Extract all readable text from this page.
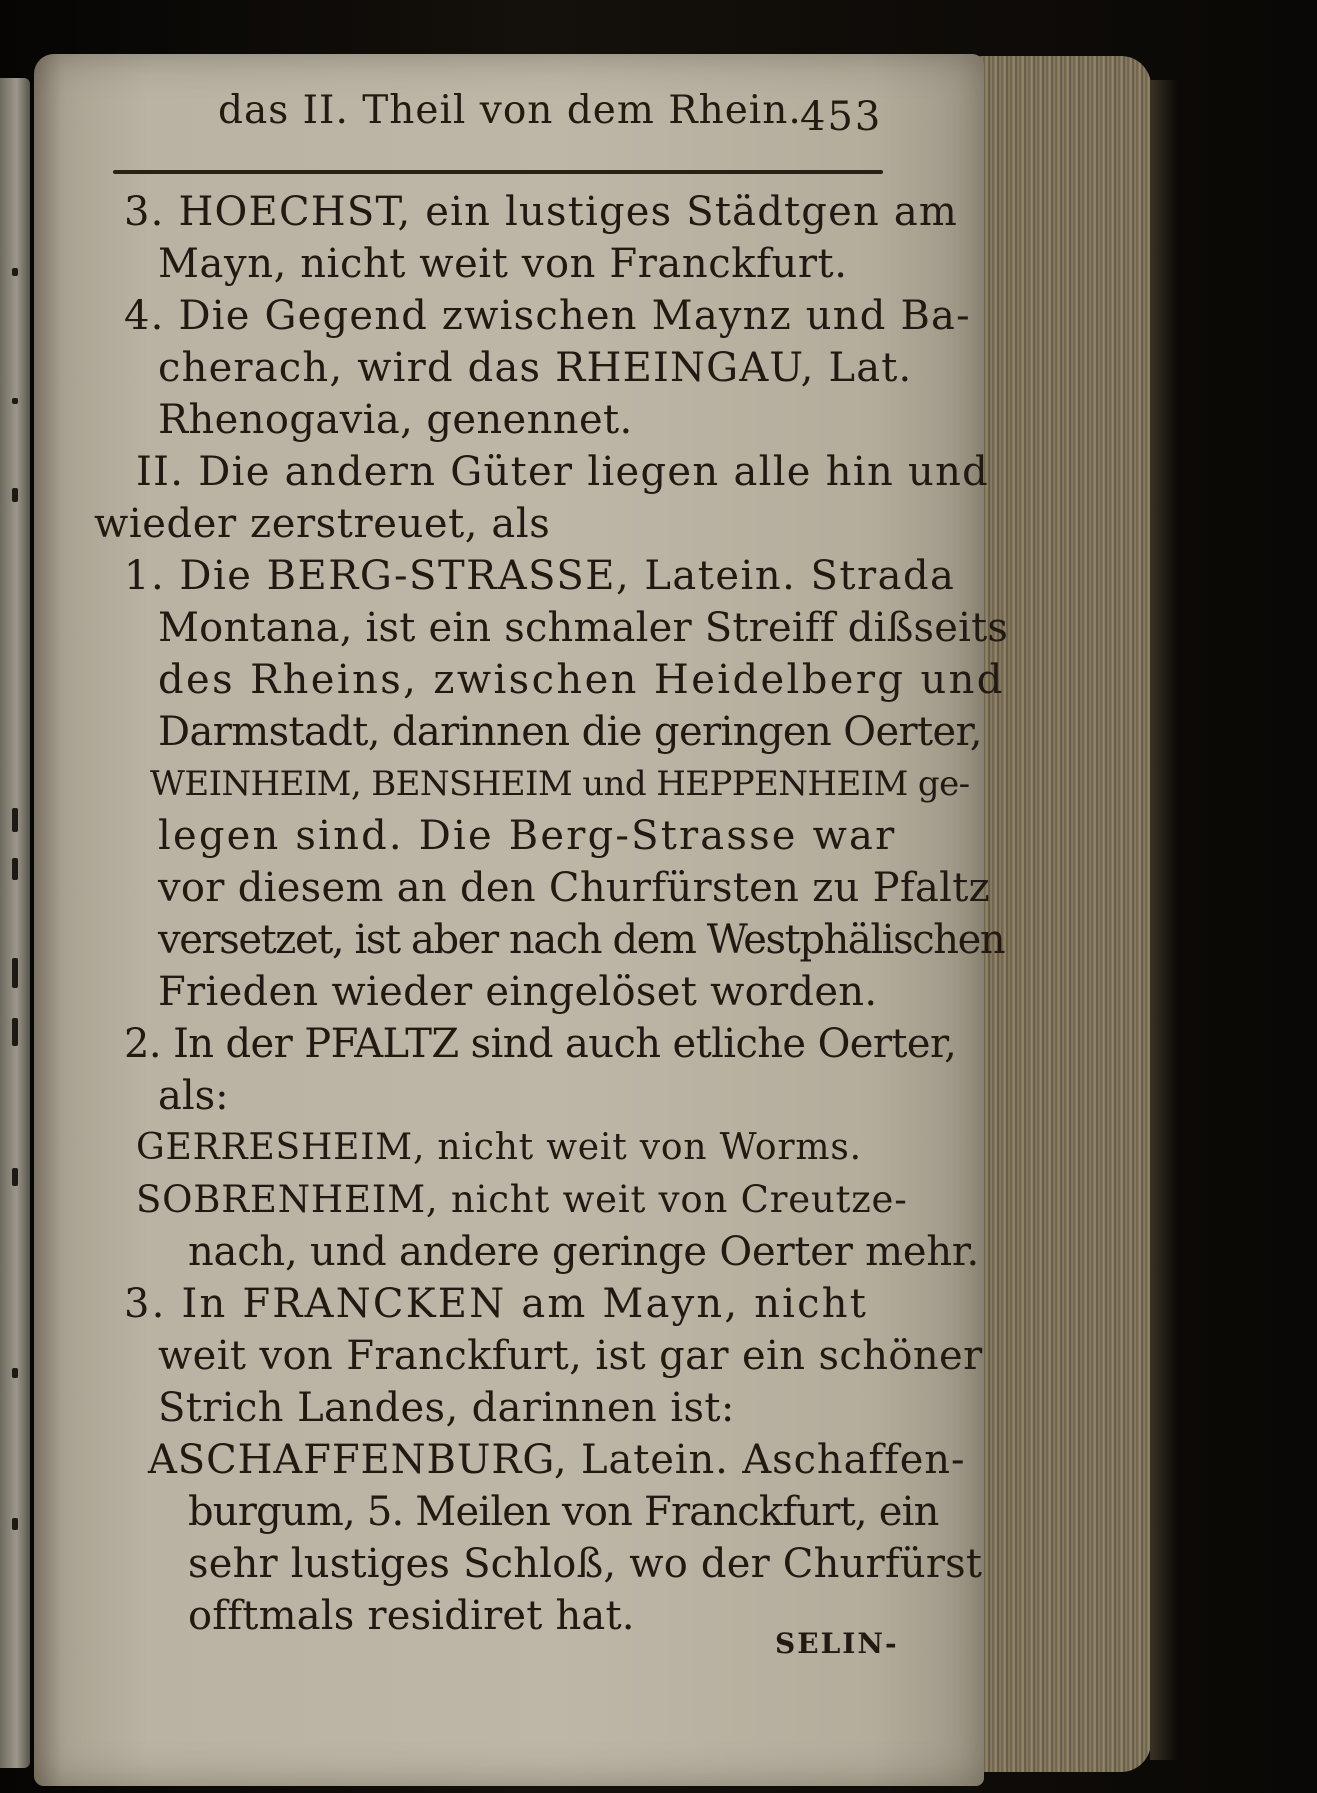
das II. Theil von dem Rhein.
453
3. HOECHST, ein lustiges Städtgen am
Mayn, nicht weit von Franckfurt.
4. Die Gegend zwischen Maynz und Ba-
cherach, wird das RHEINGAU, Lat.
Rhenogavia, genennet.
II. Die andern Güter liegen alle hin und
wieder zerstreuet, als
1. Die BERG-STRASSE, Latein. Strada
Montana, ist ein schmaler Streiff dißseits
des Rheins, zwischen Heidelberg und
Darmstadt, darinnen die geringen Oerter,
WEINHEIM, BENSHEIM und HEPPENHEIM ge-
legen sind. Die Berg-Strasse war
vor diesem an den Churfürsten zu Pfaltz
versetzet, ist aber nach dem Westphälischen
Frieden wieder eingelöset worden.
2. In der PFALTZ sind auch etliche Oerter,
als:
GERRESHEIM, nicht weit von Worms.
SOBRENHEIM, nicht weit von Creutze-
nach, und andere geringe Oerter mehr.
3. In FRANCKEN am Mayn, nicht
weit von Franckfurt, ist gar ein schöner
Strich Landes, darinnen ist:
ASCHAFFENBURG, Latein. Aschaffen-
burgum, 5. Meilen von Franckfurt, ein
sehr lustiges Schloß, wo der Churfürst
offtmals residiret hat.
SELIN-
